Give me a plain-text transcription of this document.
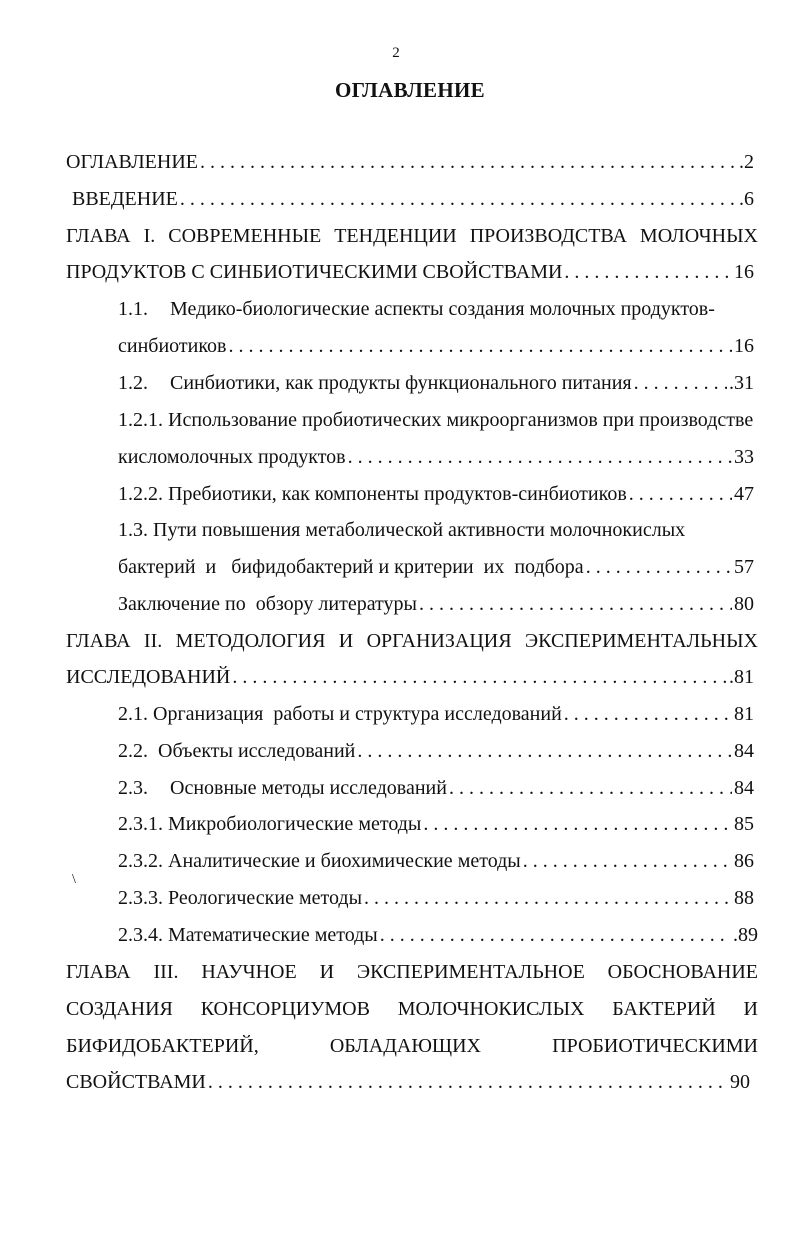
2
ОГЛАВЛЕНИЕ
ОГЛАВЛЕНИЕ . . .	.2
ВВЕДЕНИЕ . . .	.6
ГЛАВА I. СОВРЕМЕННЫЕ ТЕНДЕНЦИИ ПРОИЗВОДСТВА МОЛОЧНЫХ
ПРОДУКТОВ С СИНБИОТИЧЕСКИМИ СВОЙСТВАМИ . . .	16
1.1. Медико-биологические аспекты создания молочных продуктов-
синбиотиков . . .	16
1.2.	Синбиотики, как продукты функционального питания . . .	.31
1.2.1. Использование пробиотических микроорганизмов при производстве
кисломолочных продуктов . . .	33
1.2.2. Пребиотики, как компоненты продуктов-синбиотиков . . .	47
1.3. Пути повышения метаболической активности молочнокислых
бактерий  и   бифидобактерий и критерии  их  подбора . . .	57
Заключение по  обзору литературы . . .	80
ГЛАВА II. МЕТОДОЛОГИЯ И ОРГАНИЗАЦИЯ ЭКСПЕРИМЕНТАЛЬНЫХ
ИССЛЕДОВАНИЙ . . .	.81
2.1. Организация  работы и структура исследований . . .	81
2.2.  Объекты исследований . . .	84
2.3.	Основные методы исследований . . .	84
2.3.1. Микробиологические методы . . .	85
2.3.2. Аналитические и биохимические методы . . .	86
2.3.3. Реологические методы . . .	88
2.3.4. Математические методы . . .	.89
ГЛАВА III. НАУЧНОЕ И ЭКСПЕРИМЕНТАЛЬНОЕ ОБОСНОВАНИЕ
СОЗДАНИЯ КОНСОРЦИУМОВ МОЛОЧНОКИСЛЫХ БАКТЕРИЙ И
БИФИДОБАКТЕРИЙ, ОБЛАДАЮЩИХ ПРОБИОТИЧЕСКИМИ
СВОЙСТВАМИ . . .	90
\
